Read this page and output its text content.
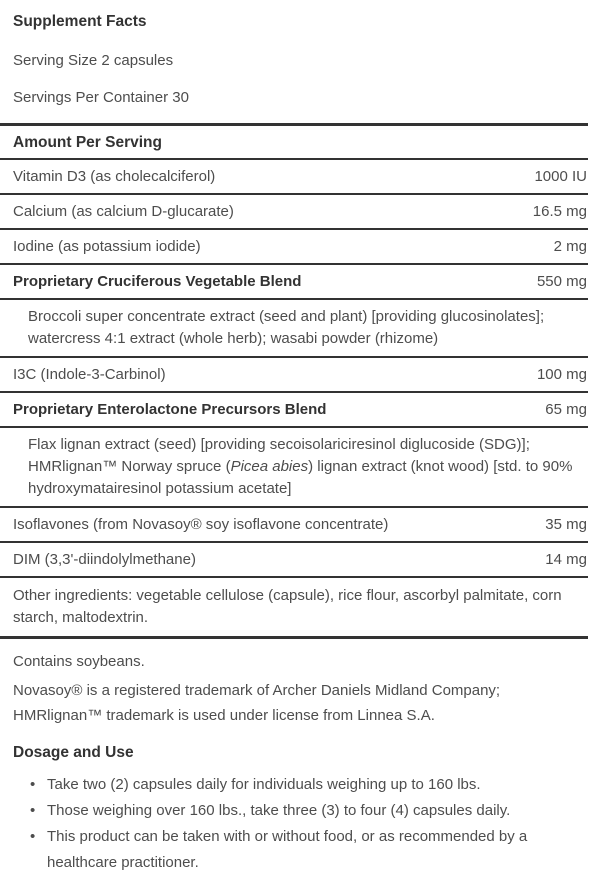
Supplement Facts

Serving Size 2 capsules

Servings Per Container 30

Amount Per Serving
Vitamin D3 (as cholecalciferol)	1000 IU
Calcium (as calcium D-glucarate)	16.5 mg
Iodine (as potassium iodide)	2 mg
Proprietary Cruciferous Vegetable Blend	550 mg
Broccoli super concentrate extract (seed and plant) [providing glucosinolates]; watercress 4:1 extract (whole herb); wasabi powder (rhizome)
I3C (Indole-3-Carbinol)	100 mg
Proprietary Enterolactone Precursors Blend	65 mg
Flax lignan extract (seed) [providing secoisolariciresinol diglucoside (SDG)]; HMRlignan™ Norway spruce (Picea abies) lignan extract (knot wood) [std. to 90% hydroxymatairesinol potassium acetate]
Isoflavones (from Novasoy® soy isoflavone concentrate)	35 mg
DIM (3,3'-diindolylmethane)	14 mg
Other ingredients: vegetable cellulose (capsule), rice flour, ascorbyl palmitate, corn starch, maltodextrin.

Contains soybeans.

Novasoy® is a registered trademark of Archer Daniels Midland Company; HMRlignan™ trademark is used under license from Linnea S.A.

Dosage and Use
• Take two (2) capsules daily for individuals weighing up to 160 lbs.
• Those weighing over 160 lbs., take three (3) to four (4) capsules daily.
• This product can be taken with or without food, or as recommended by a healthcare practitioner.
